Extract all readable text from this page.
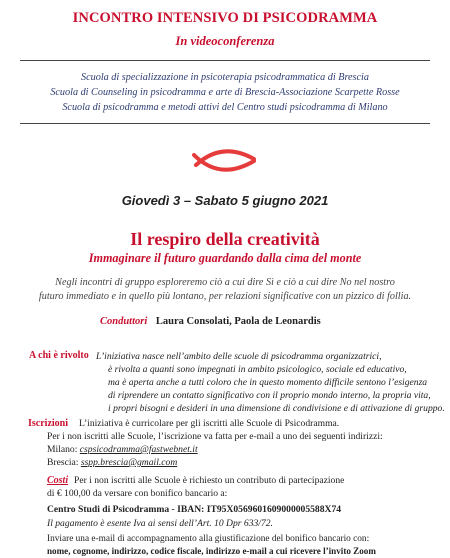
INCONTRO INTENSIVO DI PSICODRAMMA
In videoconferenza
Scuola di specializzazione in psicoterapia psicodrammatica di Brescia
Scuola di Counseling in psicodramma e arte di Brescia-Associazione Scarpette Rosse
Scuola di psicodramma e metodi attivi del Centro studi psicodramma di Milano
Giovedì 3 – Sabato 5 giugno 2021
Il respiro della creatività
Immaginare il futuro guardando dalla cima del monte
Negli incontri di gruppo esploreremo ciò a cui dire Sì e ciò a cui dire No nel nostro
futuro immediato e in quello più lontano, per relazioni significative con un pizzico di follia.
Conduttori Laura Consolati, Paola de Leonardis
A chi è rivolto L’iniziativa nasce nell’ambito delle scuole di psicodramma organizzatrici,
è rivolta a quanti sono impegnati in ambito psicologico, sociale ed educativo,
ma è aperta anche a tutti coloro che in questo momento difficile sentono l’esigenza
di riprendere un contatto significativo con il proprio mondo interno, la propria vita,
i propri bisogni e desideri in una dimensione di condivisione e di attivazione di gruppo.
Iscrizioni L’iniziativa è curricolare per gli iscritti alle Scuole di Psicodramma.
Per i non iscritti alle Scuole, l’iscrizione va fatta per e-mail a uno dei seguenti indirizzi:
Milano: cspsicodramma@fastwebnet.it
Brescia: sspp.brescia@gmail.com
Costi Per i non iscritti alle Scuole è richiesto un contributo di partecipazione
di € 100,00 da versare con bonifico bancario a:
Centro Studi di Psicodramma - IBAN: IT95X0569601609000005588X74
Il pagamento è esente Iva ai sensi dell’Art. 10 Dpr 633/72.
Inviare una e-mail di accompagnamento alla giustificazione del bonifico bancario con:
nome, cognome, indirizzo, codice fiscale, indirizzo e-mail a cui ricevere l’invito Zoom
